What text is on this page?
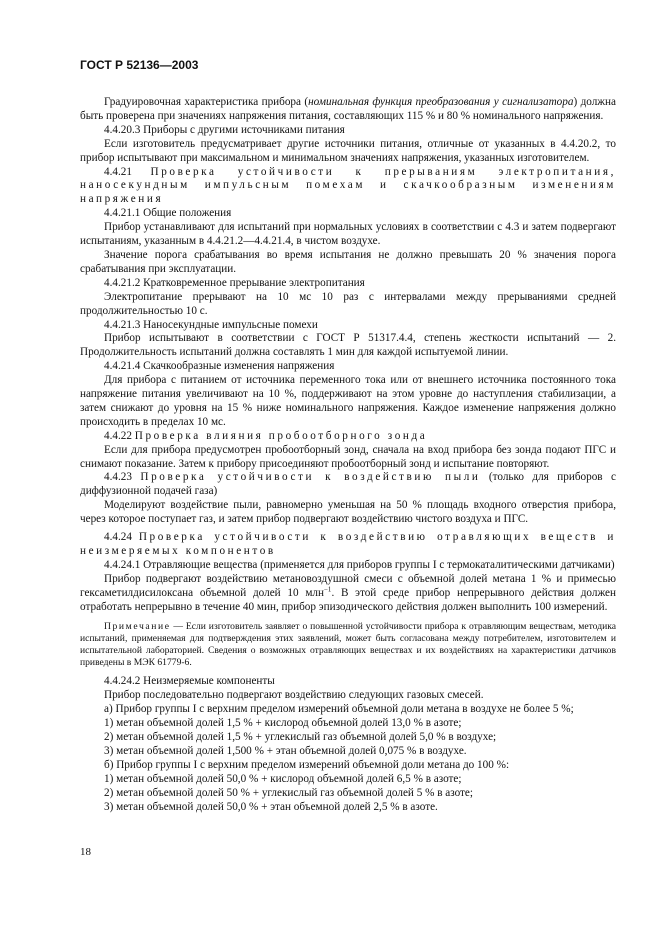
ГОСТ Р 52136—2003

Градуировочная характеристика прибора (номинальная функция преобразования у сигнализатора) должна быть проверена при значениях напряжения питания, составляющих 115 % и 80 % номинального напряжения.

4.4.20.3 Приборы с другими источниками питания

Если изготовитель предусматривает другие источники питания, отличные от указанных в 4.4.20.2, то прибор испытывают при максимальном и минимальном значениях напряжения, указанных изготовителем.

4.4.21 Проверка устойчивости к прерываниям электропитания, наносекундным импульсным помехам и скачкообразным изменениям напряжения

4.4.21.1 Общие положения

Прибор устанавливают для испытаний при нормальных условиях в соответствии с 4.3 и затем подвергают испытаниям, указанным в 4.4.21.2—4.4.21.4, в чистом воздухе.

Значение порога срабатывания во время испытания не должно превышать 20 % значения порога срабатывания при эксплуатации.

4.4.21.2 Кратковременное прерывание электропитания

Электропитание прерывают на 10 мс 10 раз с интервалами между прерываниями средней продолжительностью 10 с.

4.4.21.3 Наносекундные импульсные помехи

Прибор испытывают в соответствии с ГОСТ Р 51317.4.4, степень жесткости испытаний — 2. Продолжительность испытаний должна составлять 1 мин для каждой испытуемой линии.

4.4.21.4 Скачкообразные изменения напряжения

Для прибора с питанием от источника переменного тока или от внешнего источника постоянного тока напряжение питания увеличивают на 10 %, поддерживают на этом уровне до наступления стабилизации, а затем снижают до уровня на 15 % ниже номинального напряжения. Каждое изменение напряжения должно происходить в пределах 10 мс.

4.4.22 Проверка влияния пробоотборного зонда

Если для прибора предусмотрен пробоотборный зонд, сначала на вход прибора без зонда подают ПГС и снимают показание. Затем к прибору присоединяют пробоотборный зонд и испытание повторяют.

4.4.23 Проверка устойчивости к воздействию пыли (только для приборов с диффузионной подачей газа)

Моделируют воздействие пыли, равномерно уменьшая на 50 % площадь входного отверстия прибора, через которое поступает газ, и затем прибор подвергают воздействию чистого воздуха и ПГС.

4.4.24 Проверка устойчивости к воздействию отравляющих веществ и неизмеряемых компонентов

4.4.24.1 Отравляющие вещества (применяется для приборов группы I с термокаталитическими датчиками)

Прибор подвергают воздействию метановоздушной смеси с объемной долей метана 1 % и примесью гексаметилдисилоксана объемной долей 10 млн$^{-1}$. В этой среде прибор непрерывного действия должен отработать непрерывно в течение 40 мин, прибор эпизодического действия должен выполнить 100 измерений.

Примечание — Если изготовитель заявляет о повышенной устойчивости прибора к отравляющим веществам, методика испытаний, применяемая для подтверждения этих заявлений, может быть согласована между потребителем, изготовителем и испытательной лабораторией. Сведения о возможных отравляющих веществах и их воздействиях на характеристики датчиков приведены в МЭК 61779-6.

4.4.24.2 Неизмеряемые компоненты

Прибор последовательно подвергают воздействию следующих газовых смесей.

а) Прибор группы I с верхним пределом измерений объемной доли метана в воздухе не более 5 %;

1) метан объемной долей 1,5 % + кислород объемной долей 13,0 % в азоте;

2) метан объемной долей 1,5 % + углекислый газ объемной долей 5,0 % в воздухе;

3) метан объемной долей 1,500 % + этан объемной долей 0,075 % в воздухе.

б) Прибор группы I с верхним пределом измерений объемной доли метана до 100 %:

1) метан объемной долей 50,0 % + кислород объемной долей 6,5 % в азоте;

2) метан объемной долей 50 % + углекислый газ объемной долей 5 % в азоте;

3) метан объемной долей 50,0 % + этан объемной долей 2,5 % в азоте.

18
